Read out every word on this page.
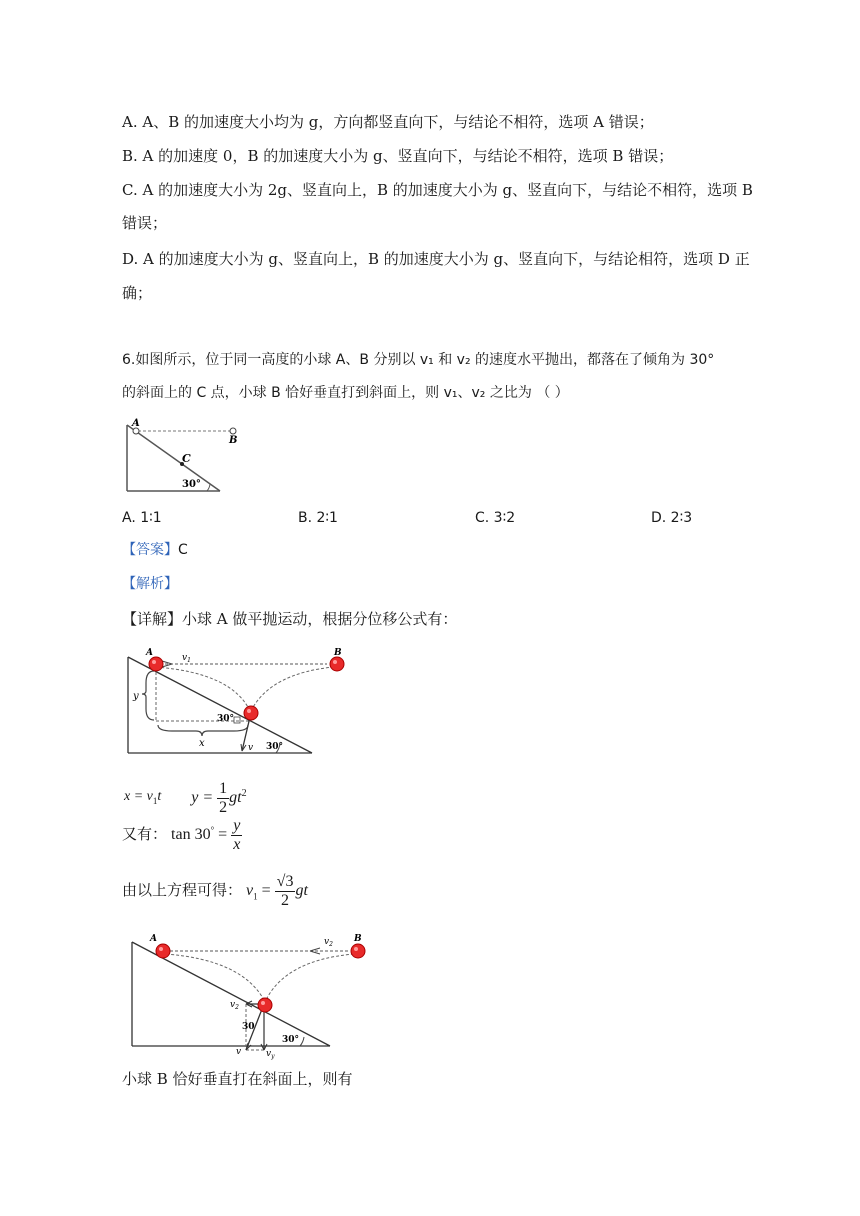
A. A、B 的加速度大小均为 g，方向都竖直向下，与结论不相符，选项 A 错误；
B. A 的加速度 0，B 的加速度大小为 g、竖直向下，与结论不相符，选项 B 错误；
C. A 的加速度大小为 2g、竖直向上，B 的加速度大小为 g、竖直向下，与结论不相符，选项 B
错误；
D. A 的加速度大小为 g、竖直向上，B 的加速度大小为 g、竖直向下，与结论相符，选项 D 正
确；
6.如图所示，位于同一高度的小球 A、B 分别以 v₁ 和 v₂ 的速度水平抛出，都落在了倾角为 30°
的斜面上的 C 点，小球 B 恰好垂直打到斜面上，则 v₁、v₂ 之比为 （ ）
A
B
C
30°
A. 1∶1	B. 2∶1	C. 3∶2	D. 2∶3
【答案】C
【解析】
【详解】小球 A 做平抛运动，根据分位移公式有：
A	B
$v_1$
y
x
30°
30°
v
$x = v_1t$ $y = \frac{1}{2} gt^2$
又有： $\tan 30^\circ = \frac{y}{x}$
由以上方程可得： $v_1 = \frac{√3}{2}$ gt
A	B
$v_2$
$v_2$
30
30°
v	$v_y$
小球 B 恰好垂直打在斜面上，则有
